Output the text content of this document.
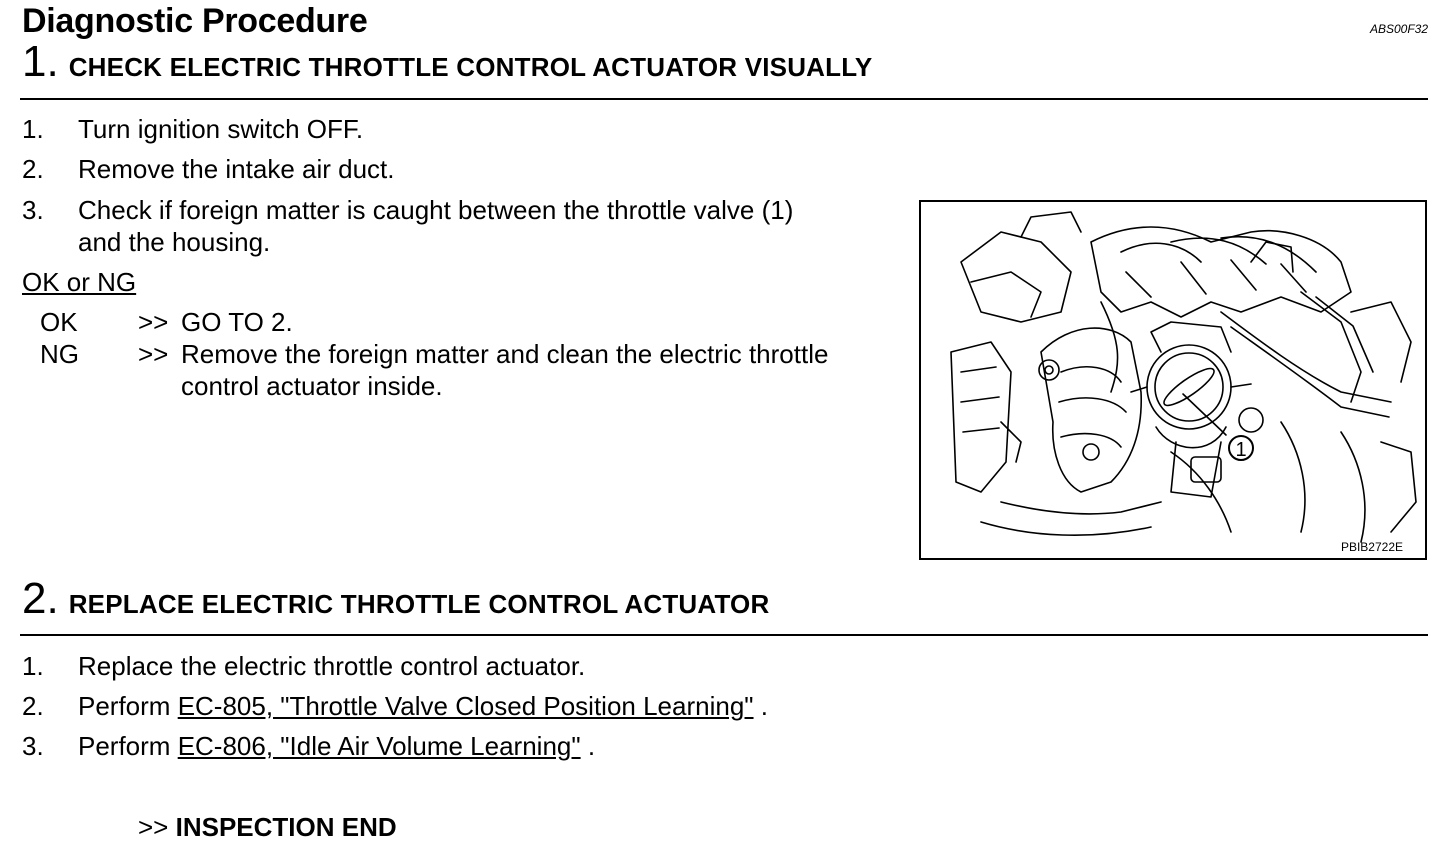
Diagnostic Procedure	ABS00F32
1. CHECK ELECTRIC THROTTLE CONTROL ACTUATOR VISUALLY
1. Turn ignition switch OFF.
2. Remove the intake air duct.
3. Check if foreign matter is caught between the throttle valve (1)
and the housing.
OK or NG
OK >> GO TO 2.
NG >> Remove the foreign matter and clean the electric throttle
control actuator inside.
1
PBIB2722E
2. REPLACE ELECTRIC THROTTLE CONTROL ACTUATOR
1. Replace the electric throttle control actuator.
2. Perform EC-805, "Throttle Valve Closed Position Learning" .
3. Perform EC-806, "Idle Air Volume Learning" .
>> INSPECTION END
